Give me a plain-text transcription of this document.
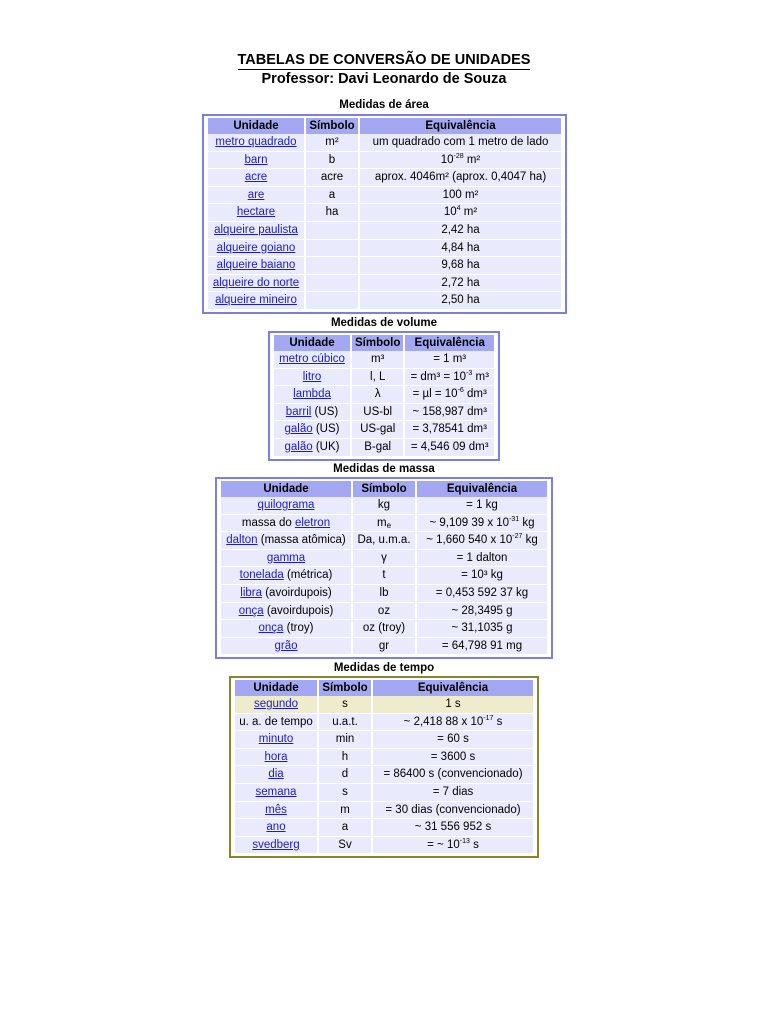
TABELAS DE CONVERSÃO DE UNIDADES
Professor: Davi Leonardo de Souza
Medidas de área
Unidade	Símbolo	Equivalência
metro quadrado	m²	um quadrado com 1 metro de lado
barn	b	$10^{-28}$ m²
acre	acre	aprox. 4046m² (aprox. 0,4047 ha)
are	a	100 m²
hectare	ha	$10^4$ m²
alqueire paulista		2,42 ha
alqueire goiano		4,84 ha
alqueire baiano		9,68 ha
alqueire do norte		2,72 ha
alqueire mineiro		2,50 ha
Medidas de volume
Unidade	Símbolo	Equivalência
metro cúbico	m³	= 1 m³
litro	l, L	= $dm^3 = 10^{-3}$ m³
lambda	λ	= $\mu l = 10^{-6}$ dm³
barril (US)	US-bl	~ 158,987 dm³
galão (US)	US-gal	= 3,78541 dm³
galão (UK)	B-gal	= 4,546 09 dm³
Medidas de massa
Unidade	Símbolo	Equivalência
quilograma	kg	= 1 kg
massa do eletron	$m_e$	~ 9,109 39 x $10^{-31}$ kg
dalton (massa atômica)	Da, u.m.a.	~ 1,660 540 x $10^{-27}$ kg
gamma	γ	= 1 dalton
tonelada (métrica)	t	= 10³ kg
libra (avoirdupois)	lb	= 0,453 592 37 kg
onça (avoirdupois)	oz	~ 28,3495 g
onça (troy)	oz (troy)	~ 31,1035 g
grão	gr	= 64,798 91 mg
Medidas de tempo
Unidade	Símbolo	Equivalência
segundo	s	1 s
u. a. de tempo	u.a.t.	~ 2,418 88 x $10^{-17}$ s
minuto	min	= 60 s
hora	h	= 3600 s
dia	d	= 86400 s (convencionado)
semana	s	= 7 dias
mês	m	= 30 dias (convencionado)
ano	a	~ 31 556 952 s
svedberg	Sv	= ~ $10^{-13}$ s
